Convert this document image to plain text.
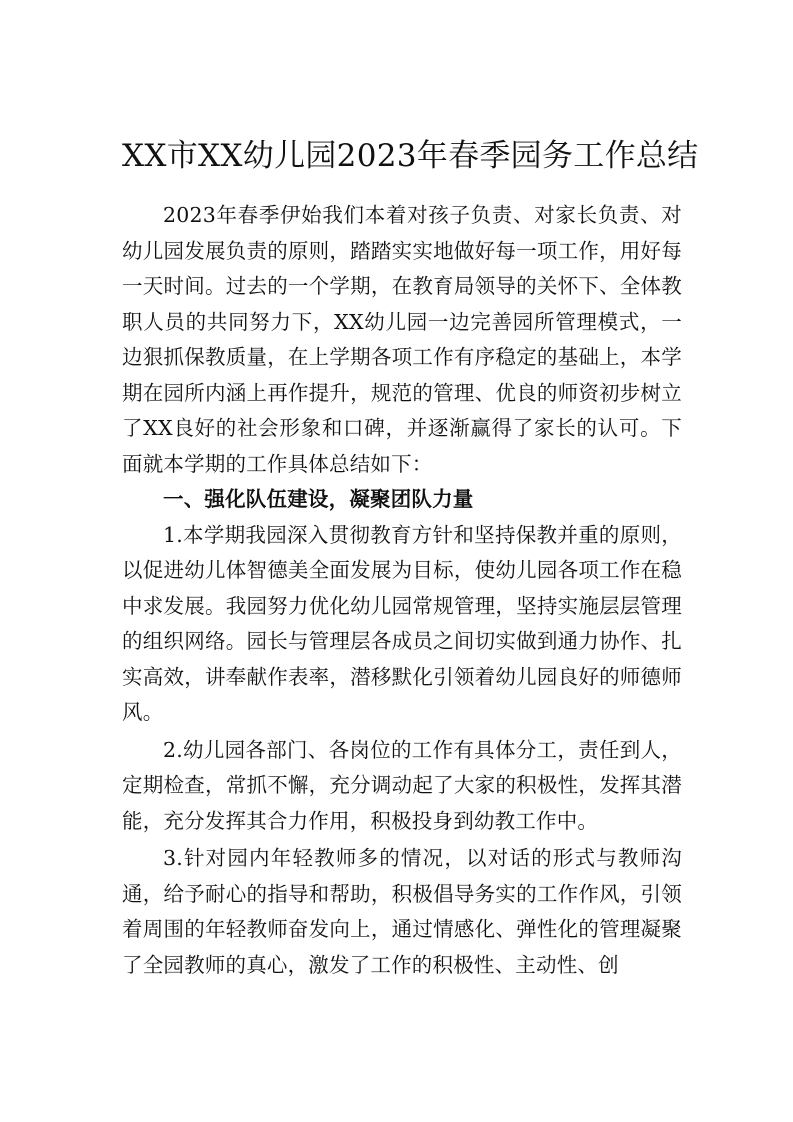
XX市XX幼儿园2023年春季园务工作总结

2023年春季伊始我们本着对孩子负责、对家长负责、对幼儿园发展负责的原则，踏踏实实地做好每一项工作，用好每一天时间。过去的一个学期，在教育局领导的关怀下、全体教职人员的共同努力下，XX幼儿园一边完善园所管理模式，一边狠抓保教质量，在上学期各项工作有序稳定的基础上，本学期在园所内涵上再作提升，规范的管理、优良的师资初步树立了XX良好的社会形象和口碑，并逐渐赢得了家长的认可。下面就本学期的工作具体总结如下：

一、强化队伍建设，凝聚团队力量

1.本学期我园深入贯彻教育方针和坚持保教并重的原则，以促进幼儿体智德美全面发展为目标，使幼儿园各项工作在稳中求发展。我园努力优化幼儿园常规管理，坚持实施层层管理的组织网络。园长与管理层各成员之间切实做到通力协作、扎实高效，讲奉献作表率，潜移默化引领着幼儿园良好的师德师风。

2.幼儿园各部门、各岗位的工作有具体分工，责任到人，定期检查，常抓不懈，充分调动起了大家的积极性，发挥其潜能，充分发挥其合力作用，积极投身到幼教工作中。

3.针对园内年轻教师多的情况，以对话的形式与教师沟通，给予耐心的指导和帮助，积极倡导务实的工作作风，引领着周围的年轻教师奋发向上，通过情感化、弹性化的管理凝聚了全园教师的真心，激发了工作的积极性、主动性、创
